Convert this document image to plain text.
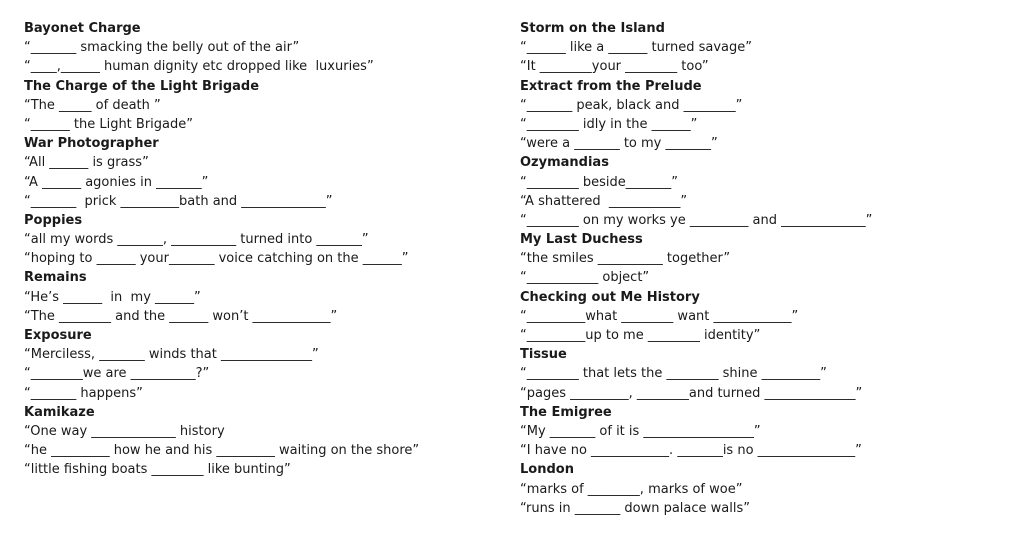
Bayonet Charge
“_______ smacking the belly out of the air”
“____,______ human dignity etc dropped like  luxuries”
The Charge of the Light Brigade
“The _____ of death ”
“______ the Light Brigade”
War Photographer
“All ______ is grass”
“A ______ agonies in _______”
“_______  prick _________bath and _____________”
Poppies
“all my words _______, __________ turned into _______”
“hoping to ______ your_______ voice catching on the ______”
Remains
“He’s ______  in  my ______”
“The ________ and the ______ won’t ____________”
Exposure
“Merciless, _______ winds that ______________”
“________we are __________?”
“_______ happens”
Kamikaze
“One way _____________ history
“he _________ how he and his _________ waiting on the shore”
“little fishing boats ________ like bunting”
Storm on the Island
“______ like a ______ turned savage”
“It ________your ________ too”
Extract from the Prelude
“_______ peak, black and ________”
“________ idly in the ______”
“were a _______ to my _______”
Ozymandias
“________ beside_______”
“A shattered  ___________”
“________ on my works ye _________ and _____________”
My Last Duchess
“the smiles __________ together”
“___________ object”
Checking out Me History
“_________what ________ want ____________”
“_________up to me ________ identity”
Tissue
“________ that lets the ________ shine _________”
“pages _________, ________and turned ______________”
The Emigree
“My _______ of it is _________________”
“I have no ____________. _______is no _______________”
London
“marks of ________, marks of woe”
“runs in _______ down palace walls”
